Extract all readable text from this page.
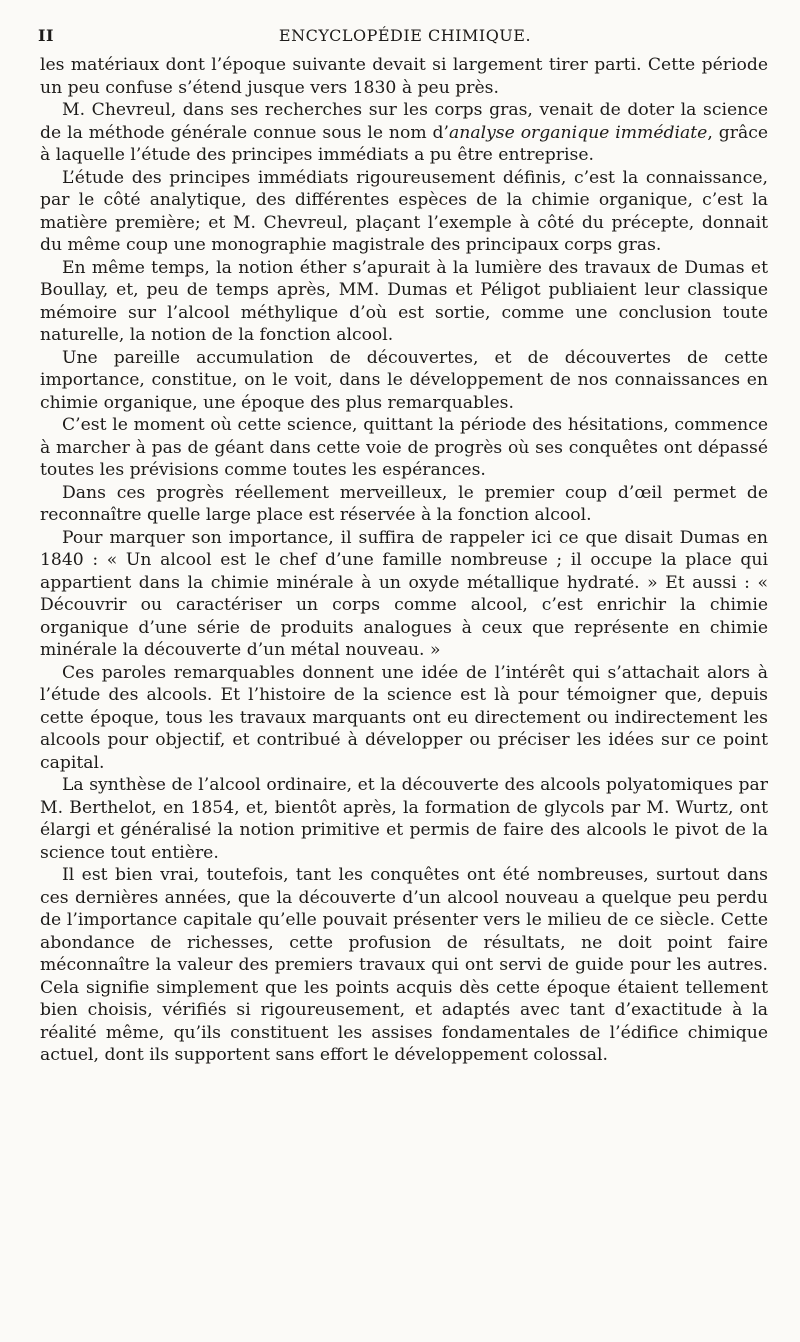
II	ENCYCLOPÉDIE CHIMIQUE.

les matériaux dont l’époque suivante devait si largement tirer parti. Cette période un peu confuse s’étend jusque vers 1830 à peu près.

M. Chevreul, dans ses recherches sur les corps gras, venait de doter la science de la méthode générale connue sous le nom d’analyse organique immédiate, grâce à laquelle l’étude des principes immédiats a pu être entreprise.

L’étude des principes immédiats rigoureusement définis, c’est la connaissance, par le côté analytique, des différentes espèces de la chimie organique, c’est la matière première; et M. Chevreul, plaçant l’exemple à côté du précepte, donnait du même coup une monographie magistrale des principaux corps gras.

En même temps, la notion éther s’apurait à la lumière des travaux de Dumas et Boullay, et, peu de temps après, MM. Dumas et Péligot publiaient leur classique mémoire sur l’alcool méthylique d’où est sortie, comme une conclusion toute naturelle, la notion de la fonction alcool.

Une pareille accumulation de découvertes, et de découvertes de cette importance, constitue, on le voit, dans le développement de nos connaissances en chimie organique, une époque des plus remarquables.

C’est le moment où cette science, quittant la période des hésitations, commence à marcher à pas de géant dans cette voie de progrès où ses conquêtes ont dépassé toutes les prévisions comme toutes les espérances.

Dans ces progrès réellement merveilleux, le premier coup d’œil permet de reconnaître quelle large place est réservée à la fonction alcool.

Pour marquer son importance, il suffira de rappeler ici ce que disait Dumas en 1840 : « Un alcool est le chef d’une famille nombreuse ; il occupe la place qui appartient dans la chimie minérale à un oxyde métallique hydraté. » Et aussi : « Découvrir ou caractériser un corps comme alcool, c’est enrichir la chimie organique d’une série de produits analogues à ceux que représente en chimie minérale la découverte d’un métal nouveau. »

Ces paroles remarquables donnent une idée de l’intérêt qui s’attachait alors à l’étude des alcools. Et l’histoire de la science est là pour témoigner que, depuis cette époque, tous les travaux marquants ont eu directement ou indirectement les alcools pour objectif, et contribué à développer ou préciser les idées sur ce point capital.

La synthèse de l’alcool ordinaire, et la découverte des alcools polyatomiques par M. Berthelot, en 1854, et, bientôt après, la formation de glycols par M. Wurtz, ont élargi et généralisé la notion primitive et permis de faire des alcools le pivot de la science tout entière.

Il est bien vrai, toutefois, tant les conquêtes ont été nombreuses, surtout dans ces dernières années, que la découverte d’un alcool nouveau a quelque peu perdu de l’importance capitale qu’elle pouvait présenter vers le milieu de ce siècle. Cette abondance de richesses, cette profusion de résultats, ne doit point faire méconnaître la valeur des premiers travaux qui ont servi de guide pour les autres. Cela signifie simplement que les points acquis dès cette époque étaient tellement bien choisis, vérifiés si rigoureusement, et adaptés avec tant d’exactitude à la réalité même, qu’ils constituent les assises fondamentales de l’édifice chimique actuel, dont ils supportent sans effort le développement colossal.
